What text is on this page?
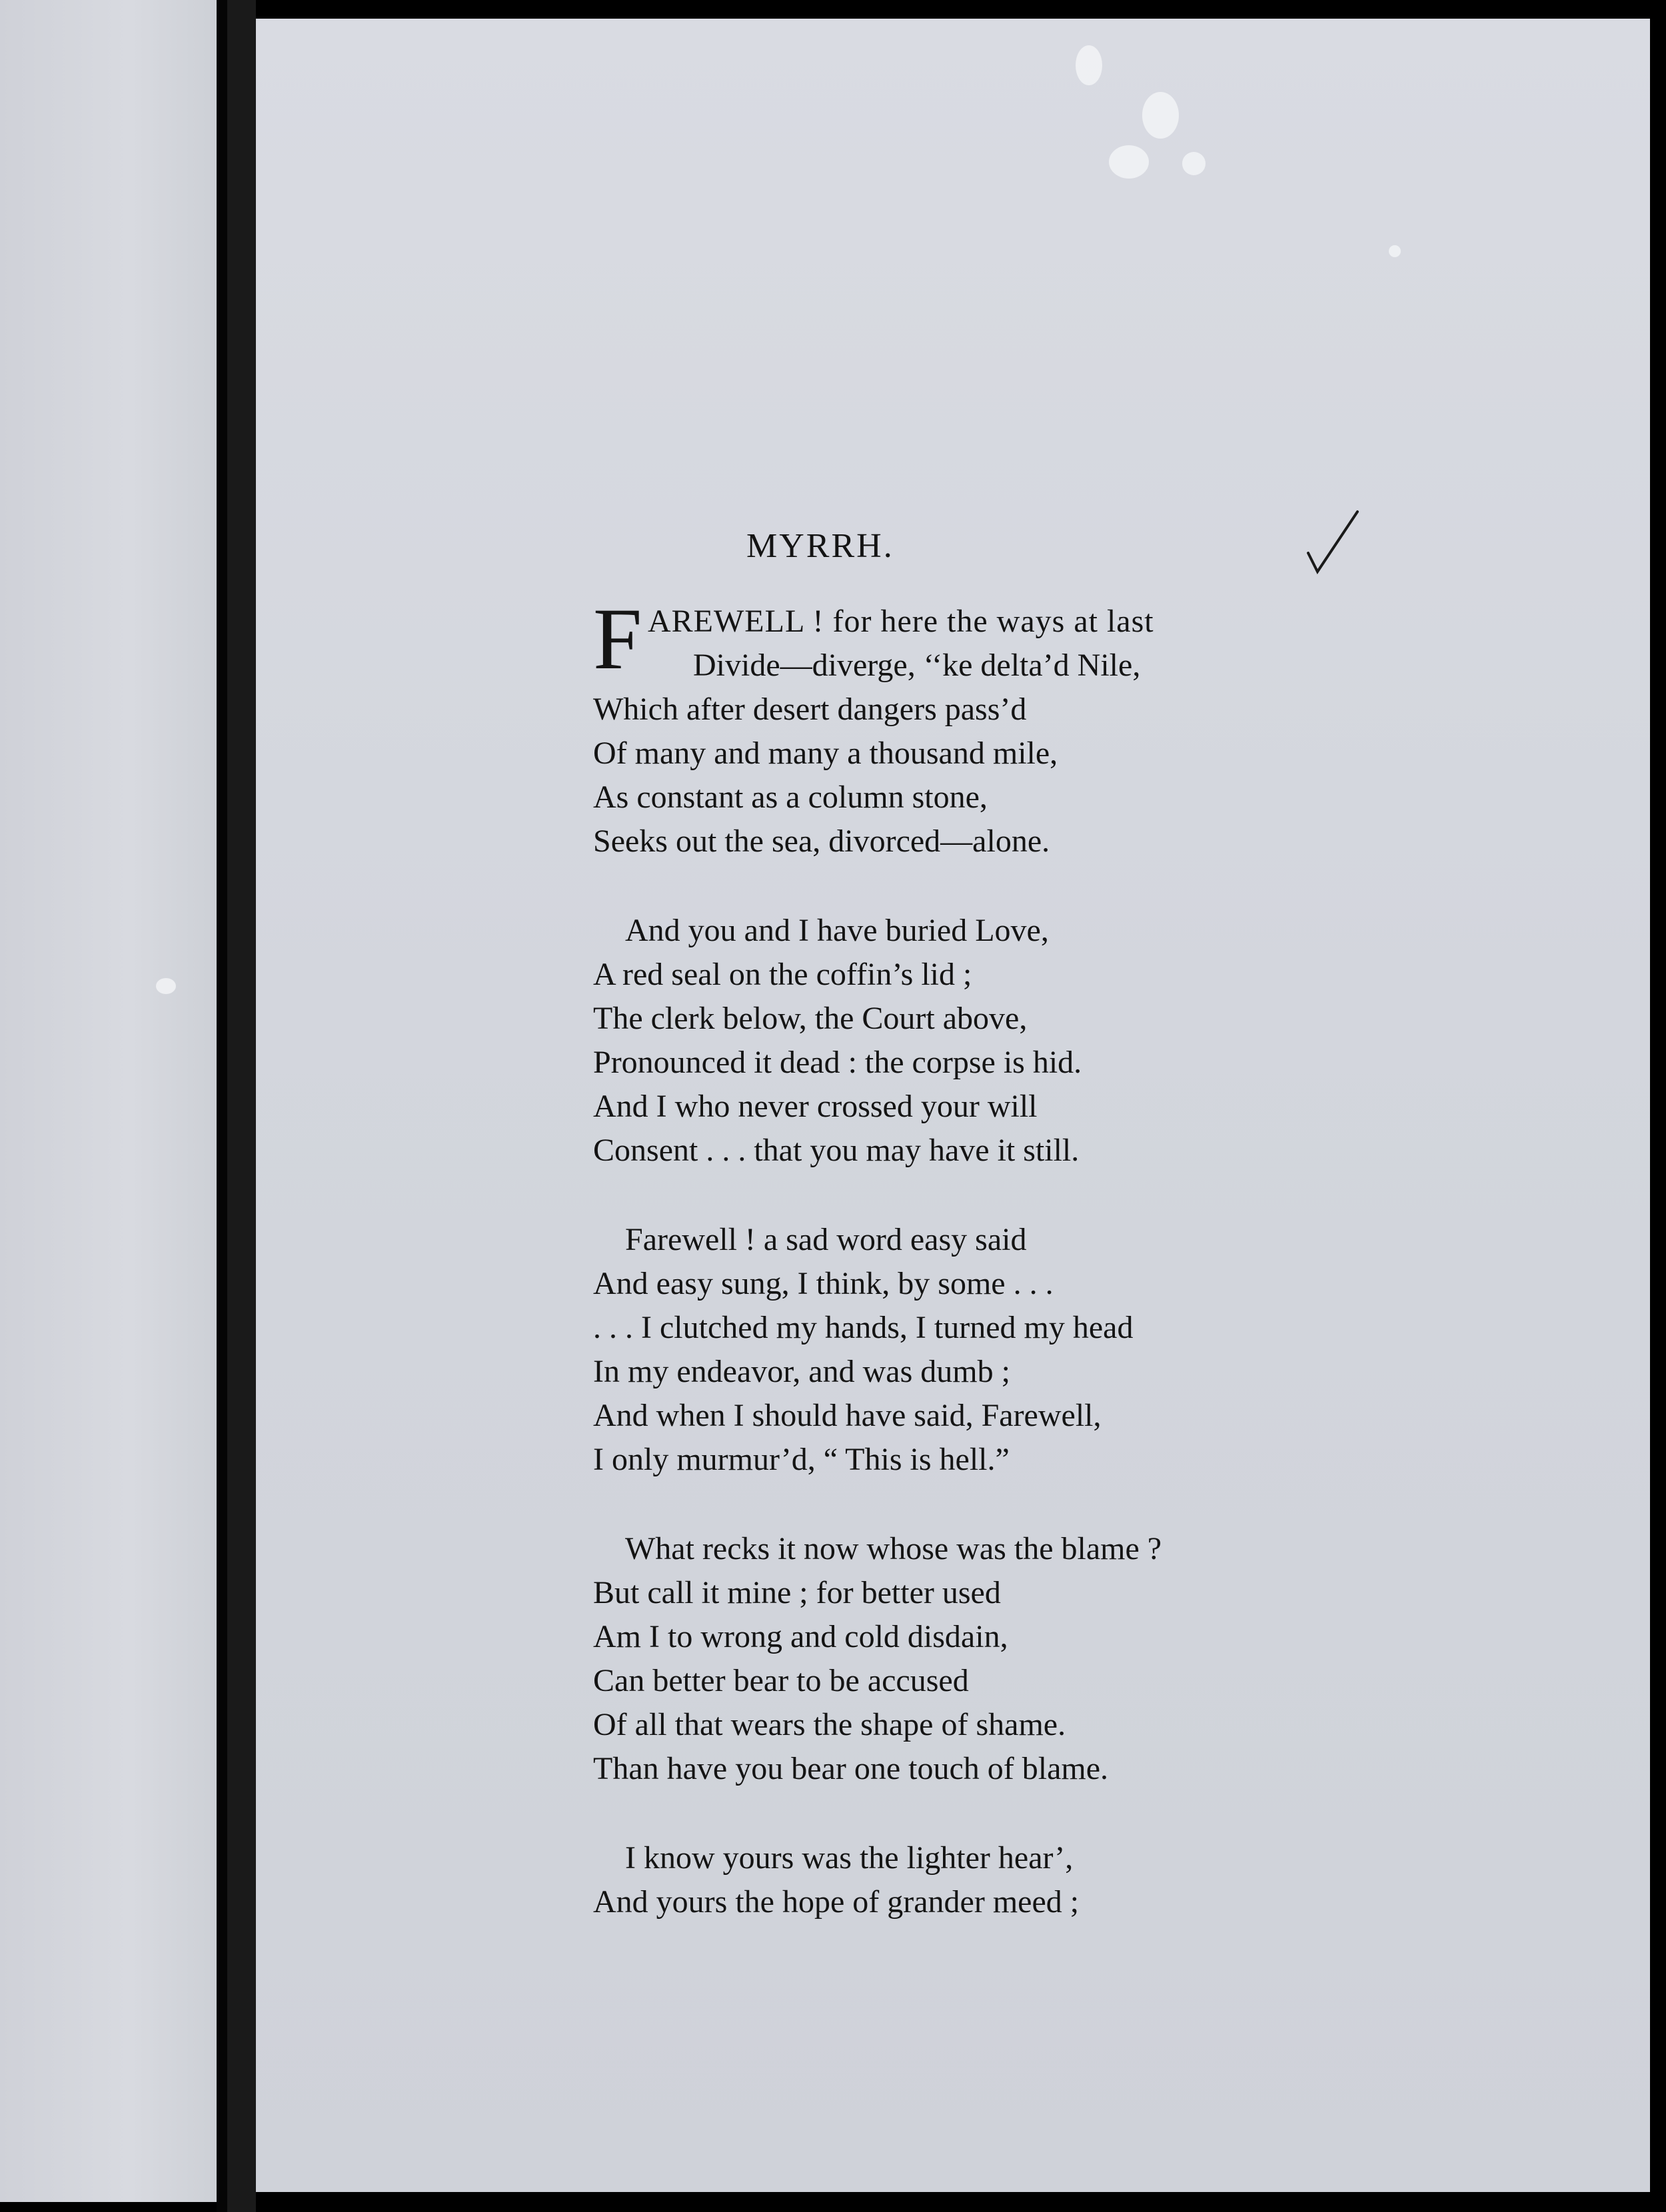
MYRRH.
F AREWELL ! for here the ways at last
Divide—diverge, ‘‘ke delta’d Nile,
Which after desert dangers pass’d
Of many and many a thousand mile,
As constant as a column stone,
Seeks out the sea, divorced—alone.
And you and I have buried Love,
A red seal on the coffin’s lid ;
The clerk below, the Court above,
Pronounced it dead : the corpse is hid.
And I who never crossed your will
Consent . . . that you may have it still.
Farewell ! a sad word easy said
And easy sung, I think, by some . . .
. . . I clutched my hands, I turned my head
In my endeavor, and was dumb ;
And when I should have said, Farewell,
I only murmur’d, “ This is hell.”
What recks it now whose was the blame ?
But call it mine ; for better used
Am I to wrong and cold disdain,
Can better bear to be accused
Of all that wears the shape of shame.
Than have you bear one touch of blame.
I know yours was the lighter hear’,
And yours the hope of grander meed ;
